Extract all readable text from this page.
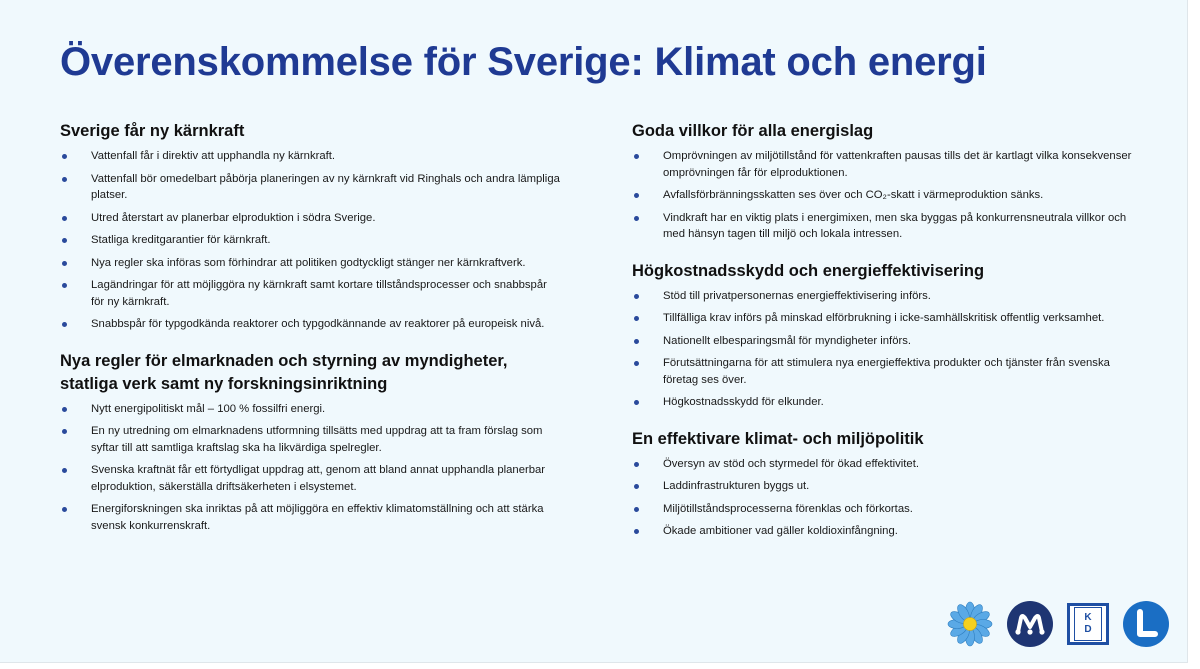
Överenskommelse för Sverige: Klimat och energi
Sverige får ny kärnkraft
Vattenfall får i direktiv att upphandla ny kärnkraft.
Vattenfall bör omedelbart påbörja planeringen av ny kärnkraft vid Ringhals och andra lämpliga platser.
Utred återstart av planerbar elproduktion i södra Sverige.
Statliga kreditgarantier för kärnkraft.
Nya regler ska införas som förhindrar att politiken godtyckligt stänger ner kärnkraftverk.
Lagändringar för att möjliggöra ny kärnkraft samt kortare tillståndsprocesser och snabbspår för ny kärnkraft.
Snabbspår för typgodkända reaktorer och typgodkännande av reaktorer på europeisk nivå.
Nya regler för elmarknaden och styrning av myndigheter, statliga verk samt ny forskningsinriktning
Nytt energipolitiskt mål – 100 % fossilfri energi.
En ny utredning om elmarknadens utformning tillsätts med uppdrag att ta fram förslag som syftar till att samtliga kraftslag ska ha likvärdiga spelregler.
Svenska kraftnät får ett förtydligat uppdrag att, genom att bland annat upphandla planerbar elproduktion, säkerställa driftsäkerheten i elsystemet.
Energiforskningen ska inriktas på att möjliggöra en effektiv klimatomställning och att stärka svensk konkurrenskraft.
Goda villkor för alla energislag
Omprövningen av miljötillstånd för vattenkraften pausas tills det är kartlagt vilka konsekvenser omprövningen får för elproduktionen.
Avfallsförbränningsskatten ses över och CO₂-skatt i värmeproduktion sänks.
Vindkraft har en viktig plats i energimixen, men ska byggas på konkurrensneutrala villkor och med hänsyn tagen till miljö och lokala intressen.
Högkostnadsskydd och energieffektivisering
Stöd till privatpersonernas energieffektivisering införs.
Tillfälliga krav införs på minskad elförbrukning i icke-samhällskritisk offentlig verksamhet.
Nationellt elbesparingsmål för myndigheter införs.
Förutsättningarna för att stimulera nya energieffektiva produkter och tjänster från svenska företag ses över.
Högkostnadsskydd för elkunder.
En effektivare klimat- och miljöpolitik
Översyn av stöd och styrmedel för ökad effektivitet.
Laddinfrastrukturen byggs ut.
Miljötillståndsprocesserna förenklas och förkortas.
Ökade ambitioner vad gäller koldioxinfångning.
K
D
